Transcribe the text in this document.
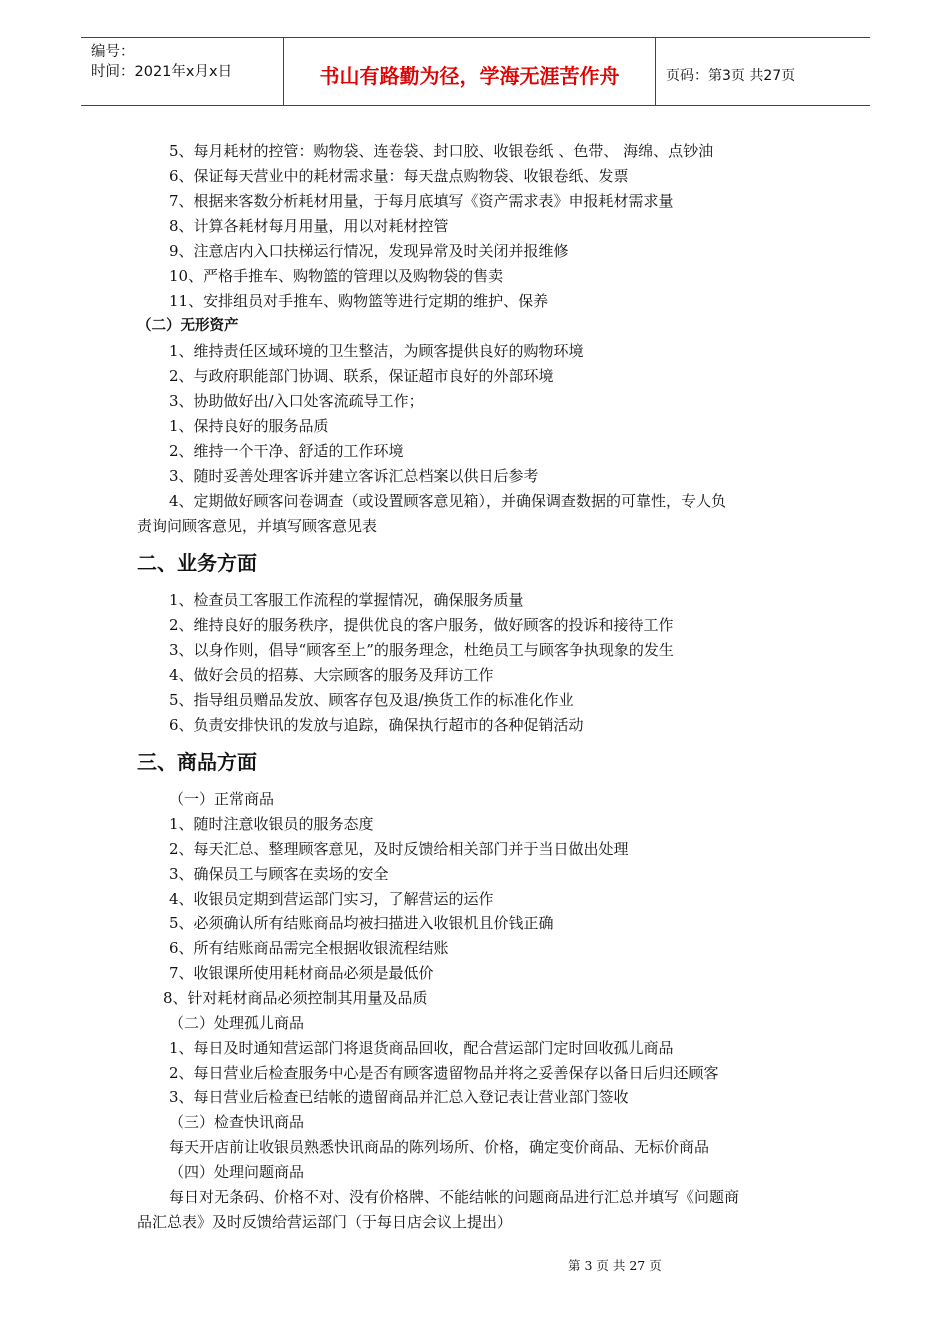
编号：
时间：2021年x月x日	书山有路勤为径，学海无涯苦作舟	页码：第3页 共27页
5、每月耗材的控管：购物袋、连卷袋、封口胶、收银卷纸 、色带、 海绵、点钞油
6、保证每天营业中的耗材需求量：每天盘点购物袋、收银卷纸、发票
7、根据来客数分析耗材用量，于每月底填写《资产需求表》申报耗材需求量
8、计算各耗材每月用量，用以对耗材控管
9、注意店内入口扶梯运行情况，发现异常及时关闭并报维修
10、严格手推车、购物篮的管理以及购物袋的售卖
11、安排组员对手推车、购物篮等进行定期的维护、保养
（二）无形资产
1、维持责任区域环境的卫生整洁，为顾客提供良好的购物环境
2、与政府职能部门协调、联系，保证超市良好的外部环境
3、协助做好出/入口处客流疏导工作；
1、保持良好的服务品质
2、维持一个干净、舒适的工作环境
3、随时妥善处理客诉并建立客诉汇总档案以供日后参考
4、定期做好顾客问卷调查（或设置顾客意见箱），并确保调查数据的可靠性，专人负
责询问顾客意见，并填写顾客意见表
二、业务方面
1、检查员工客服工作流程的掌握情况，确保服务质量
2、维持良好的服务秩序，提供优良的客户服务，做好顾客的投诉和接待工作
3、以身作则，倡导“顾客至上”的服务理念，杜绝员工与顾客争执现象的发生
4、做好会员的招募、大宗顾客的服务及拜访工作
5、指导组员赠品发放、顾客存包及退/换货工作的标准化作业
6、负责安排快讯的发放与追踪，确保执行超市的各种促销活动
三、商品方面
（一）正常商品
1、随时注意收银员的服务态度
2、每天汇总、整理顾客意见，及时反馈给相关部门并于当日做出处理
3、确保员工与顾客在卖场的安全
4、收银员定期到营运部门实习，了解营运的运作
5、必须确认所有结账商品均被扫描进入收银机且价钱正确
6、所有结账商品需完全根据收银流程结账
7、收银课所使用耗材商品必须是最低价
8、针对耗材商品必须控制其用量及品质
（二）处理孤儿商品
1、每日及时通知营运部门将退货商品回收，配合营运部门定时回收孤儿商品
2、每日营业后检查服务中心是否有顾客遗留物品并将之妥善保存以备日后归还顾客
3、每日营业后检查已结帐的遗留商品并汇总入登记表让营业部门签收
（三）检查快讯商品
每天开店前让收银员熟悉快讯商品的陈列场所、价格，确定变价商品、无标价商品
（四）处理问题商品
每日对无条码、价格不对、没有价格牌、不能结帐的问题商品进行汇总并填写《问题商
品汇总表》及时反馈给营运部门（于每日店会议上提出）
第 3 页 共 27 页
